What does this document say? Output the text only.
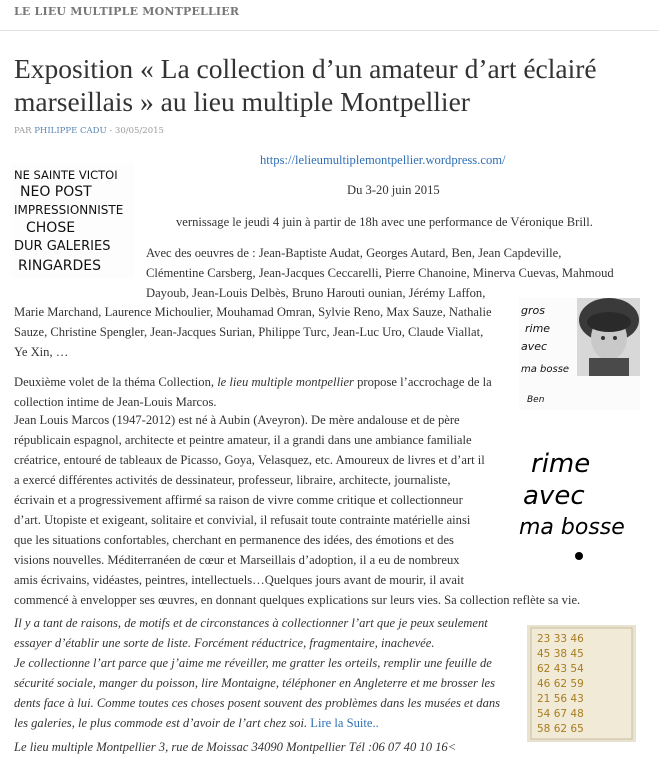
LE LIEU MULTIPLE MONTPELLIER
Exposition « La collection d’un amateur d’art éclairé marseillais » au lieu multiple Montpellier
PAR PHILIPPE CADU - 30/05/2015
NE SAINTE VICTOI
NEO POST
IMPRESSIONNISTE
CHOSE
DUR GALERIES
RINGARDES
gros
rime
avec
ma bosse
Ben
rime
avec
ma bosse
23 33 46
45 38 45
62 43 54
46 62 59
21 56 43
54 67 48
58 62 65
https://lelieumultiplemontpellier.wordpress.com/
Du 3-20 juin 2015
vernissage le jeudi 4 juin à partir de 18h avec une performance de Véronique Brill.
Avec des oeuvres de : Jean-Baptiste Audat, Georges Autard, Ben, Jean Capdeville,
Clémentine Carsberg, Jean-Jacques Ceccarelli, Pierre Chanoine, Minerva Cuevas, Mahmoud
Dayoub, Jean-Louis Delbès, Bruno Harouti ounian, Jérémy Laffon,
Marie Marchand, Laurence Michoulier, Mouhamad Omran, Sylvie Reno, Max Sauze, Nathalie
Sauze, Christine Spengler, Jean-Jacques Surian, Philippe Turc, Jean-Luc Uro, Claude Viallat,
Ye Xin, …
Deuxième volet de la théma Collection, le lieu multiple montpellier propose l’accrochage de la
collection intime de Jean-Louis Marcos.
Jean Louis Marcos (1947-2012) est né à Aubin (Aveyron). De mère andalouse et de père
républicain espagnol, architecte et peintre amateur, il a grandi dans une ambiance familiale
créatrice, entouré de tableaux de Picasso, Goya, Velasquez, etc. Amoureux de livres et d’art il
a exercé différentes activités de dessinateur, professeur, libraire, architecte, journaliste,
écrivain et a progressivement affirmé sa raison de vivre comme critique et collectionneur
d’art. Utopiste et exigeant, solitaire et convivial, il refusait toute contrainte matérielle ainsi
que les situations confortables, cherchant en permanence des idées, des émotions et des
visions nouvelles. Méditerranéen de cœur et Marseillais d’adoption, il a eu de nombreux
amis écrivains, vidéastes, peintres, intellectuels…Quelques jours avant de mourir, il avait
commencé à envelopper ses œuvres, en donnant quelques explications sur leurs vies. Sa collection reflète sa vie.
Il y a tant de raisons, de motifs et de circonstances à collectionner l’art que je peux seulement
essayer d’établir une sorte de liste. Forcément réductrice, fragmentaire, inachevée.
Je collectionne l’art parce que j’aime me réveiller, me gratter les orteils, remplir une feuille de
sécurité sociale, manger du poisson, lire Montaigne, téléphoner en Angleterre et me brosser les
dents face à lui. Comme toutes ces choses posent souvent des problèmes dans les musées et dans
les galeries, le plus commode est d’avoir de l’art chez soi. Lire la Suite..
Le lieu multiple Montpellier 3, rue de Moissac 34090 Montpellier Tél :06 07 40 10 16<
